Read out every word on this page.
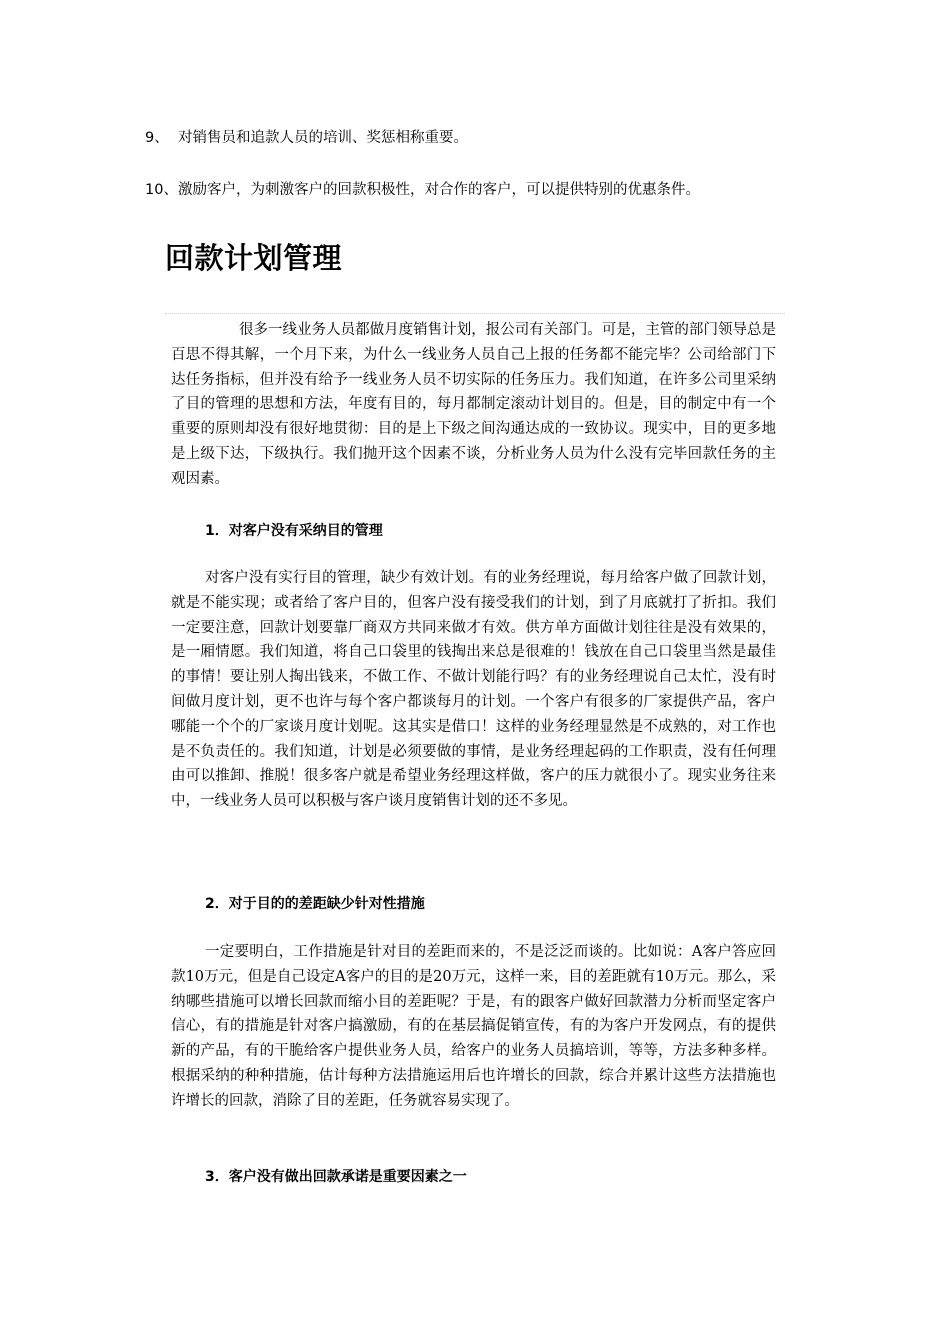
9、  对销售员和追款人员的培训、奖惩相称重要。
10、激励客户，为刺激客户的回款积极性，对合作的客户，可以提供特别的优惠条件。
回款计划管理

很多一线业务人员都做月度销售计划，报公司有关部门。可是，主管的部门领导总是百思不得其解，一个月下来，为什么一线业务人员自己上报的任务都不能完毕？公司给部门下达任务指标，但并没有给予一线业务人员不切实际的任务压力。我们知道，在许多公司里采纳了目的管理的思想和方法，年度有目的，每月都制定滚动计划目的。但是，目的制定中有一个重要的原则却没有很好地贯彻：目的是上下级之间沟通达成的一致协议。现实中，目的更多地是上级下达，下级执行。我们抛开这个因素不谈，分析业务人员为什么没有完毕回款任务的主观因素。

1．对客户没有采纳目的管理

对客户没有实行目的管理，缺少有效计划。有的业务经理说，每月给客户做了回款计划，就是不能实现；或者给了客户目的，但客户没有接受我们的计划，到了月底就打了折扣。我们一定要注意，回款计划要靠厂商双方共同来做才有效。供方单方面做计划往往是没有效果的，是一厢情愿。我们知道，将自己口袋里的钱掏出来总是很难的！钱放在自己口袋里当然是最佳的事情！要让别人掏出钱来，不做工作、不做计划能行吗？有的业务经理说自己太忙，没有时间做月度计划，更不也许与每个客户都谈每月的计划。一个客户有很多的厂家提供产品，客户哪能一个个的厂家谈月度计划呢。这其实是借口！这样的业务经理显然是不成熟的，对工作也是不负责任的。我们知道，计划是必须要做的事情，是业务经理起码的工作职责，没有任何理由可以推卸、推脱！很多客户就是希望业务经理这样做，客户的压力就很小了。现实业务往来中，一线业务人员可以积极与客户谈月度销售计划的还不多见。

2．对于目的的差距缺少针对性措施

一定要明白，工作措施是针对目的差距而来的，不是泛泛而谈的。比如说：A客户答应回款10万元，但是自己设定A客户的目的是20万元，这样一来，目的差距就有10万元。那么，采纳哪些措施可以增长回款而缩小目的差距呢？于是，有的跟客户做好回款潜力分析而坚定客户信心，有的措施是针对客户搞激励，有的在基层搞促销宣传，有的为客户开发网点，有的提供新的产品，有的干脆给客户提供业务人员，给客户的业务人员搞培训，等等，方法多种多样。根据采纳的种种措施，估计每种方法措施运用后也许增长的回款，综合并累计这些方法措施也许增长的回款，消除了目的差距，任务就容易实现了。

3．客户没有做出回款承诺是重要因素之一
